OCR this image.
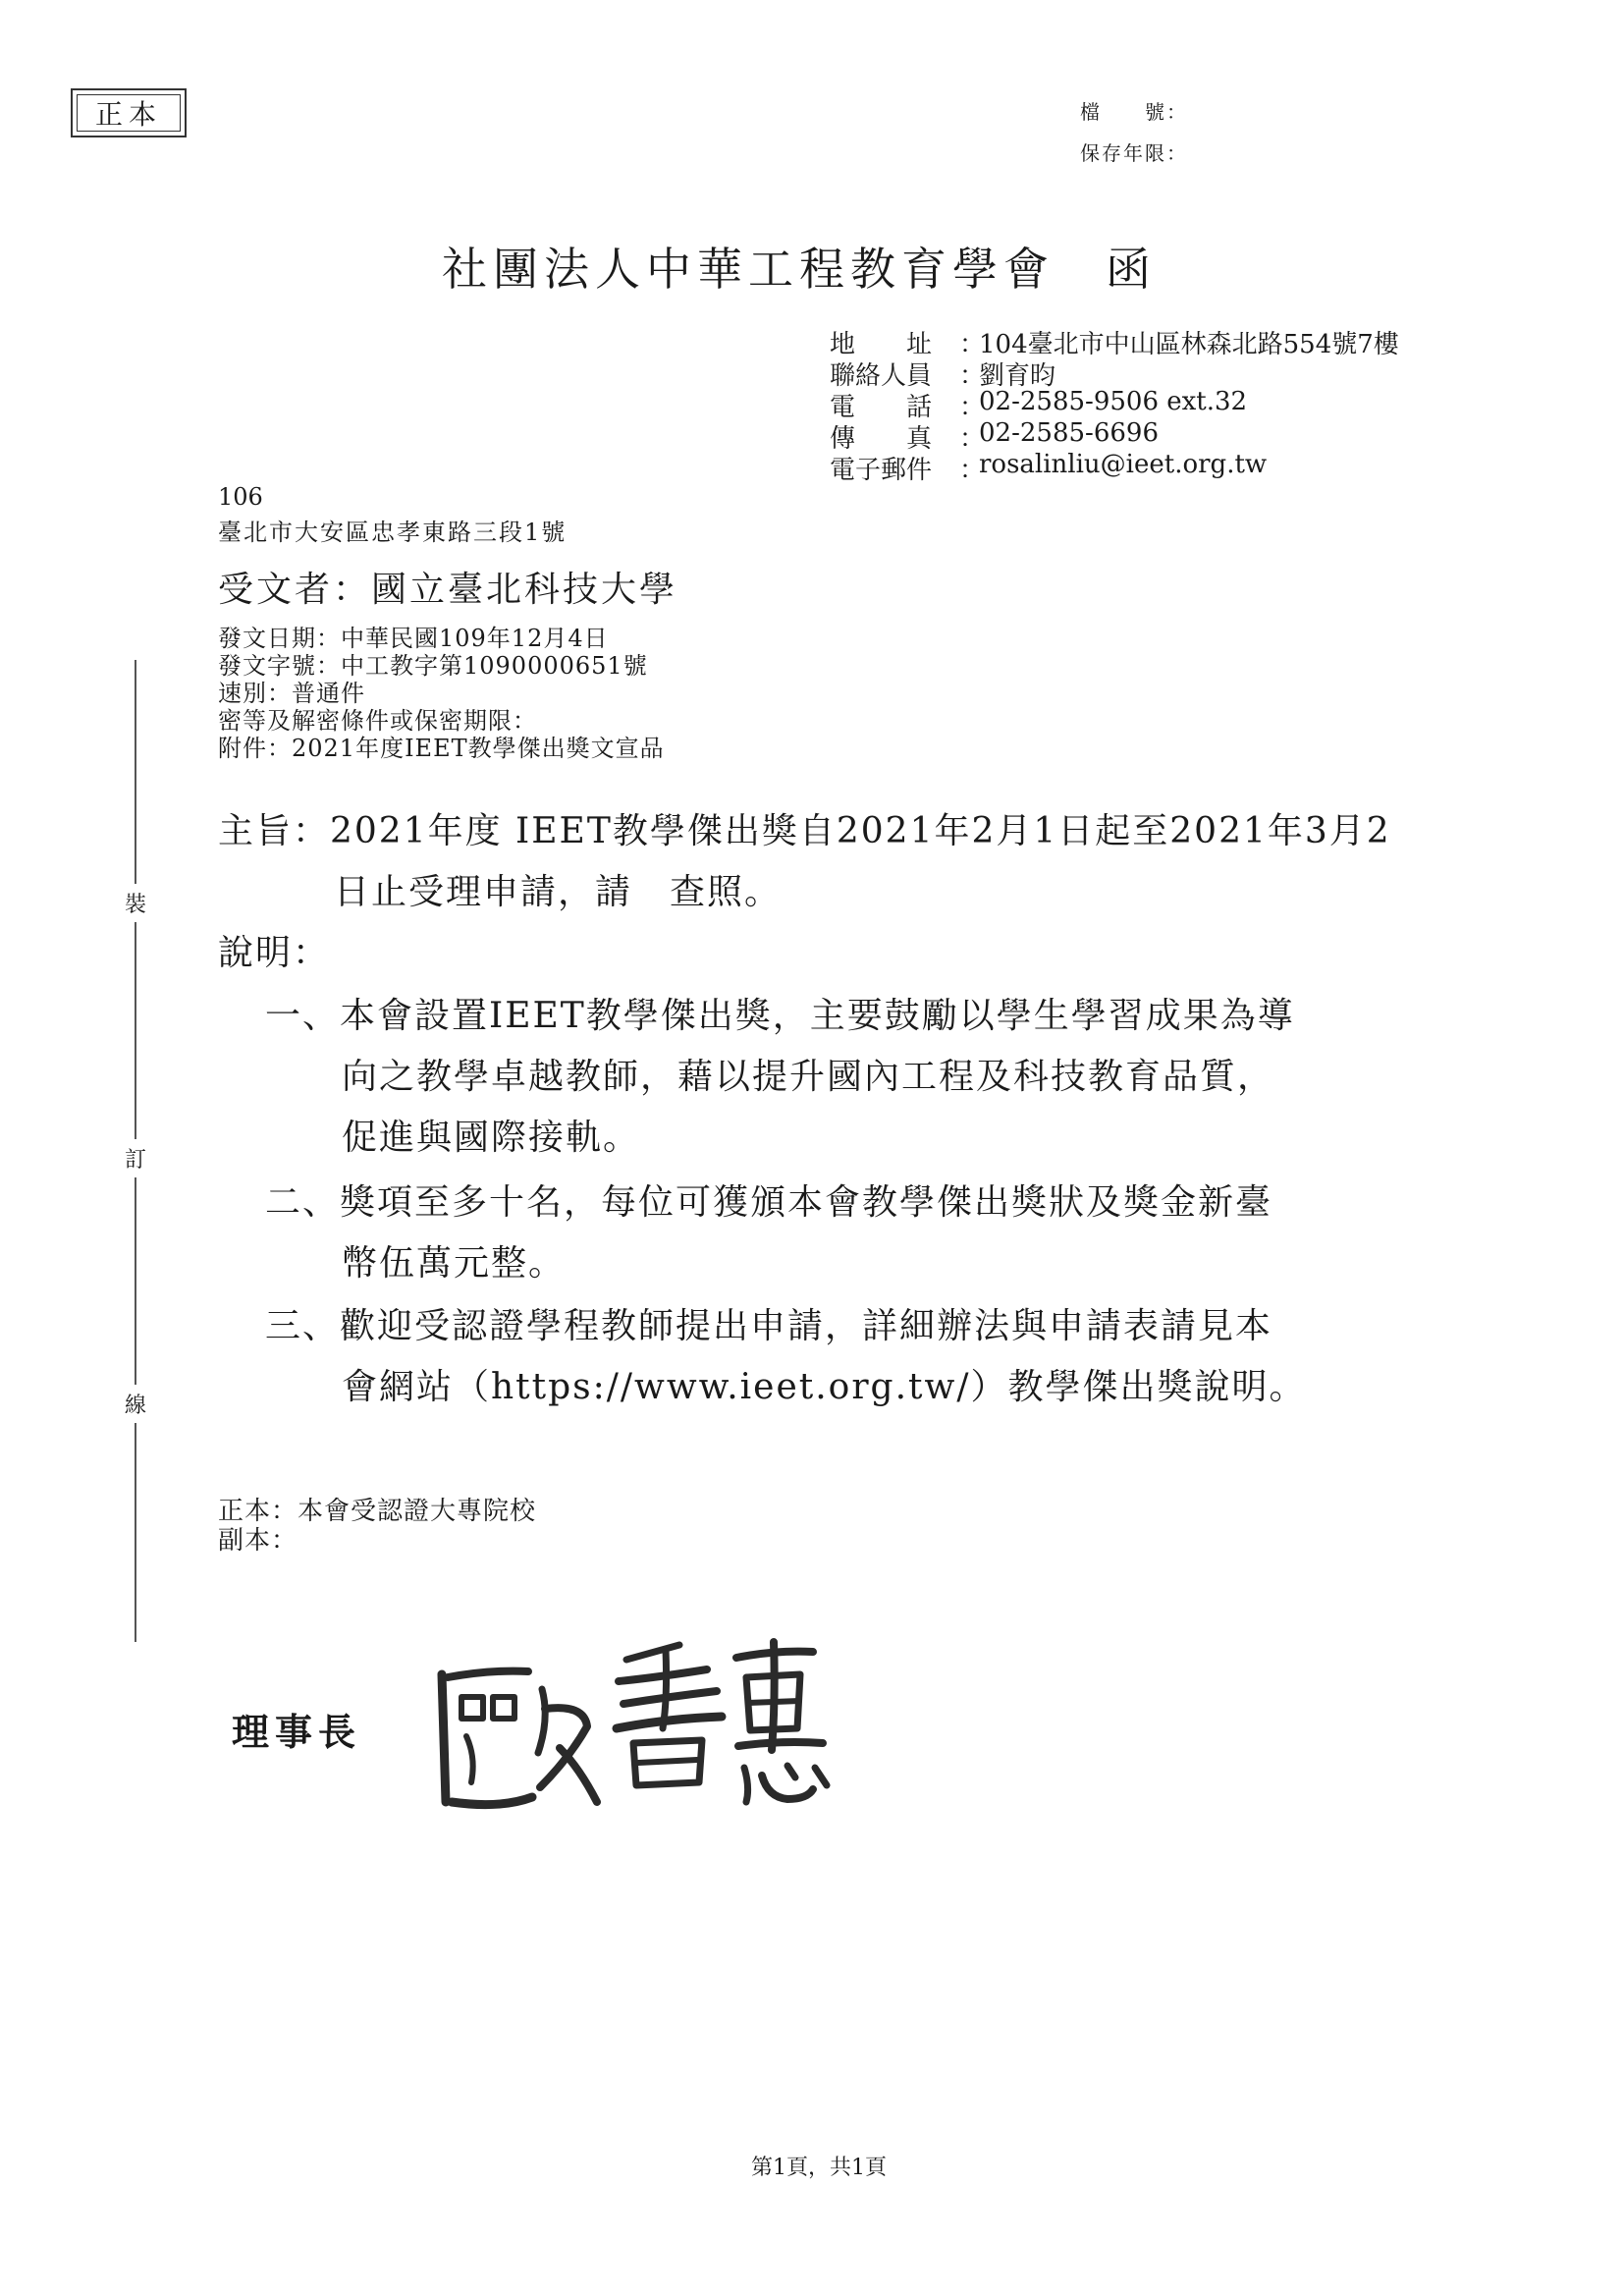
正本	檔　　號：
保存年限：
社團法人中華工程教育學會　函
地　　址	：
104臺北市中山區林森北路554號7樓
聯絡人員	：
劉育昀
電　　話	：
02-2585-9506 ext.32
傳　　真	：
02-2585-6696
電子郵件	：
rosalinliu@ieet.org.tw
106
臺北市大安區忠孝東路三段1號
受文者：國立臺北科技大學
發文日期：中華民國109年12月4日
發文字號：中工教字第1090000651號
速別：普通件
密等及解密條件或保密期限：
附件：2021年度IEET教學傑出獎文宣品
主旨：2021年度 IEET教學傑出獎自2021年2月1日起至2021年3月2
日止受理申請，請　查照。
說明：
一、本會設置IEET教學傑出獎，主要鼓勵以學生學習成果為導
向之教學卓越教師，藉以提升國內工程及科技教育品質，
促進與國際接軌。
二、獎項至多十名，每位可獲頒本會教學傑出獎狀及獎金新臺
幣伍萬元整。
三、歡迎受認證學程教師提出申請，詳細辦法與申請表請見本
會網站（https://www.ieet.org.tw/）教學傑出獎說明。
裝
訂
線
正本：本會受認證大專院校
副本：
理事長
第1頁，共1頁
